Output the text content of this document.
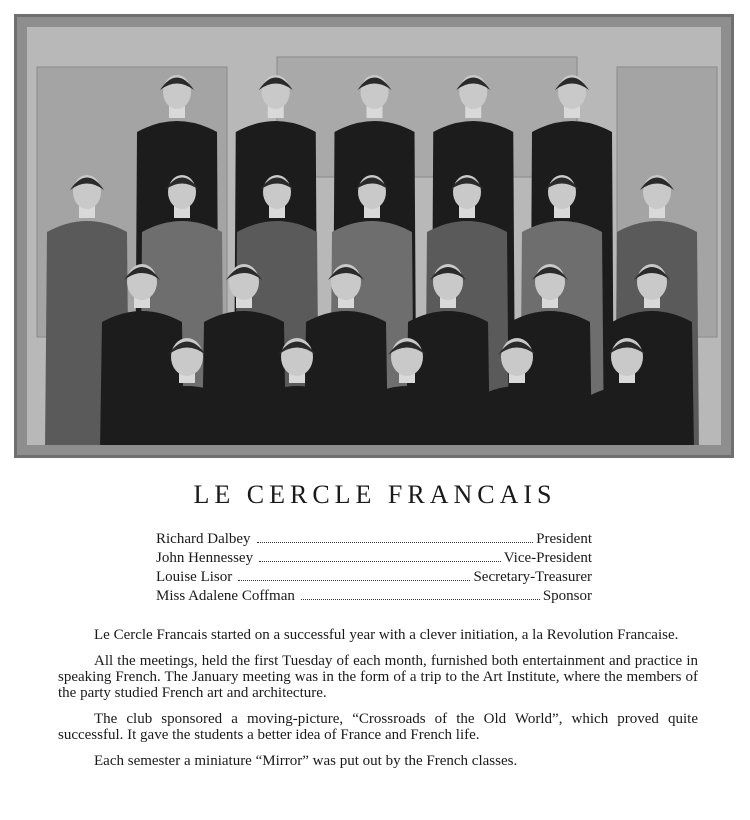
LE CERCLE FRANCAIS
Richard Dalbey	President
John Hennessey	Vice-President
Louise Lisor	Secretary-Treasurer
Miss Adalene Coffman	Sponsor

Le Cercle Francais started on a successful year with a clever initiation, a la Revolution Francaise.

All the meetings, held the first Tuesday of each month, furnished both entertainment and practice in speaking French. The January meeting was in the form of a trip to the Art Institute, where the members of the party studied French art and architecture.

The club sponsored a moving-picture, “Crossroads of the Old World”, which proved quite successful. It gave the students a better idea of France and French life.

Each semester a miniature “Mirror” was put out by the French classes.
